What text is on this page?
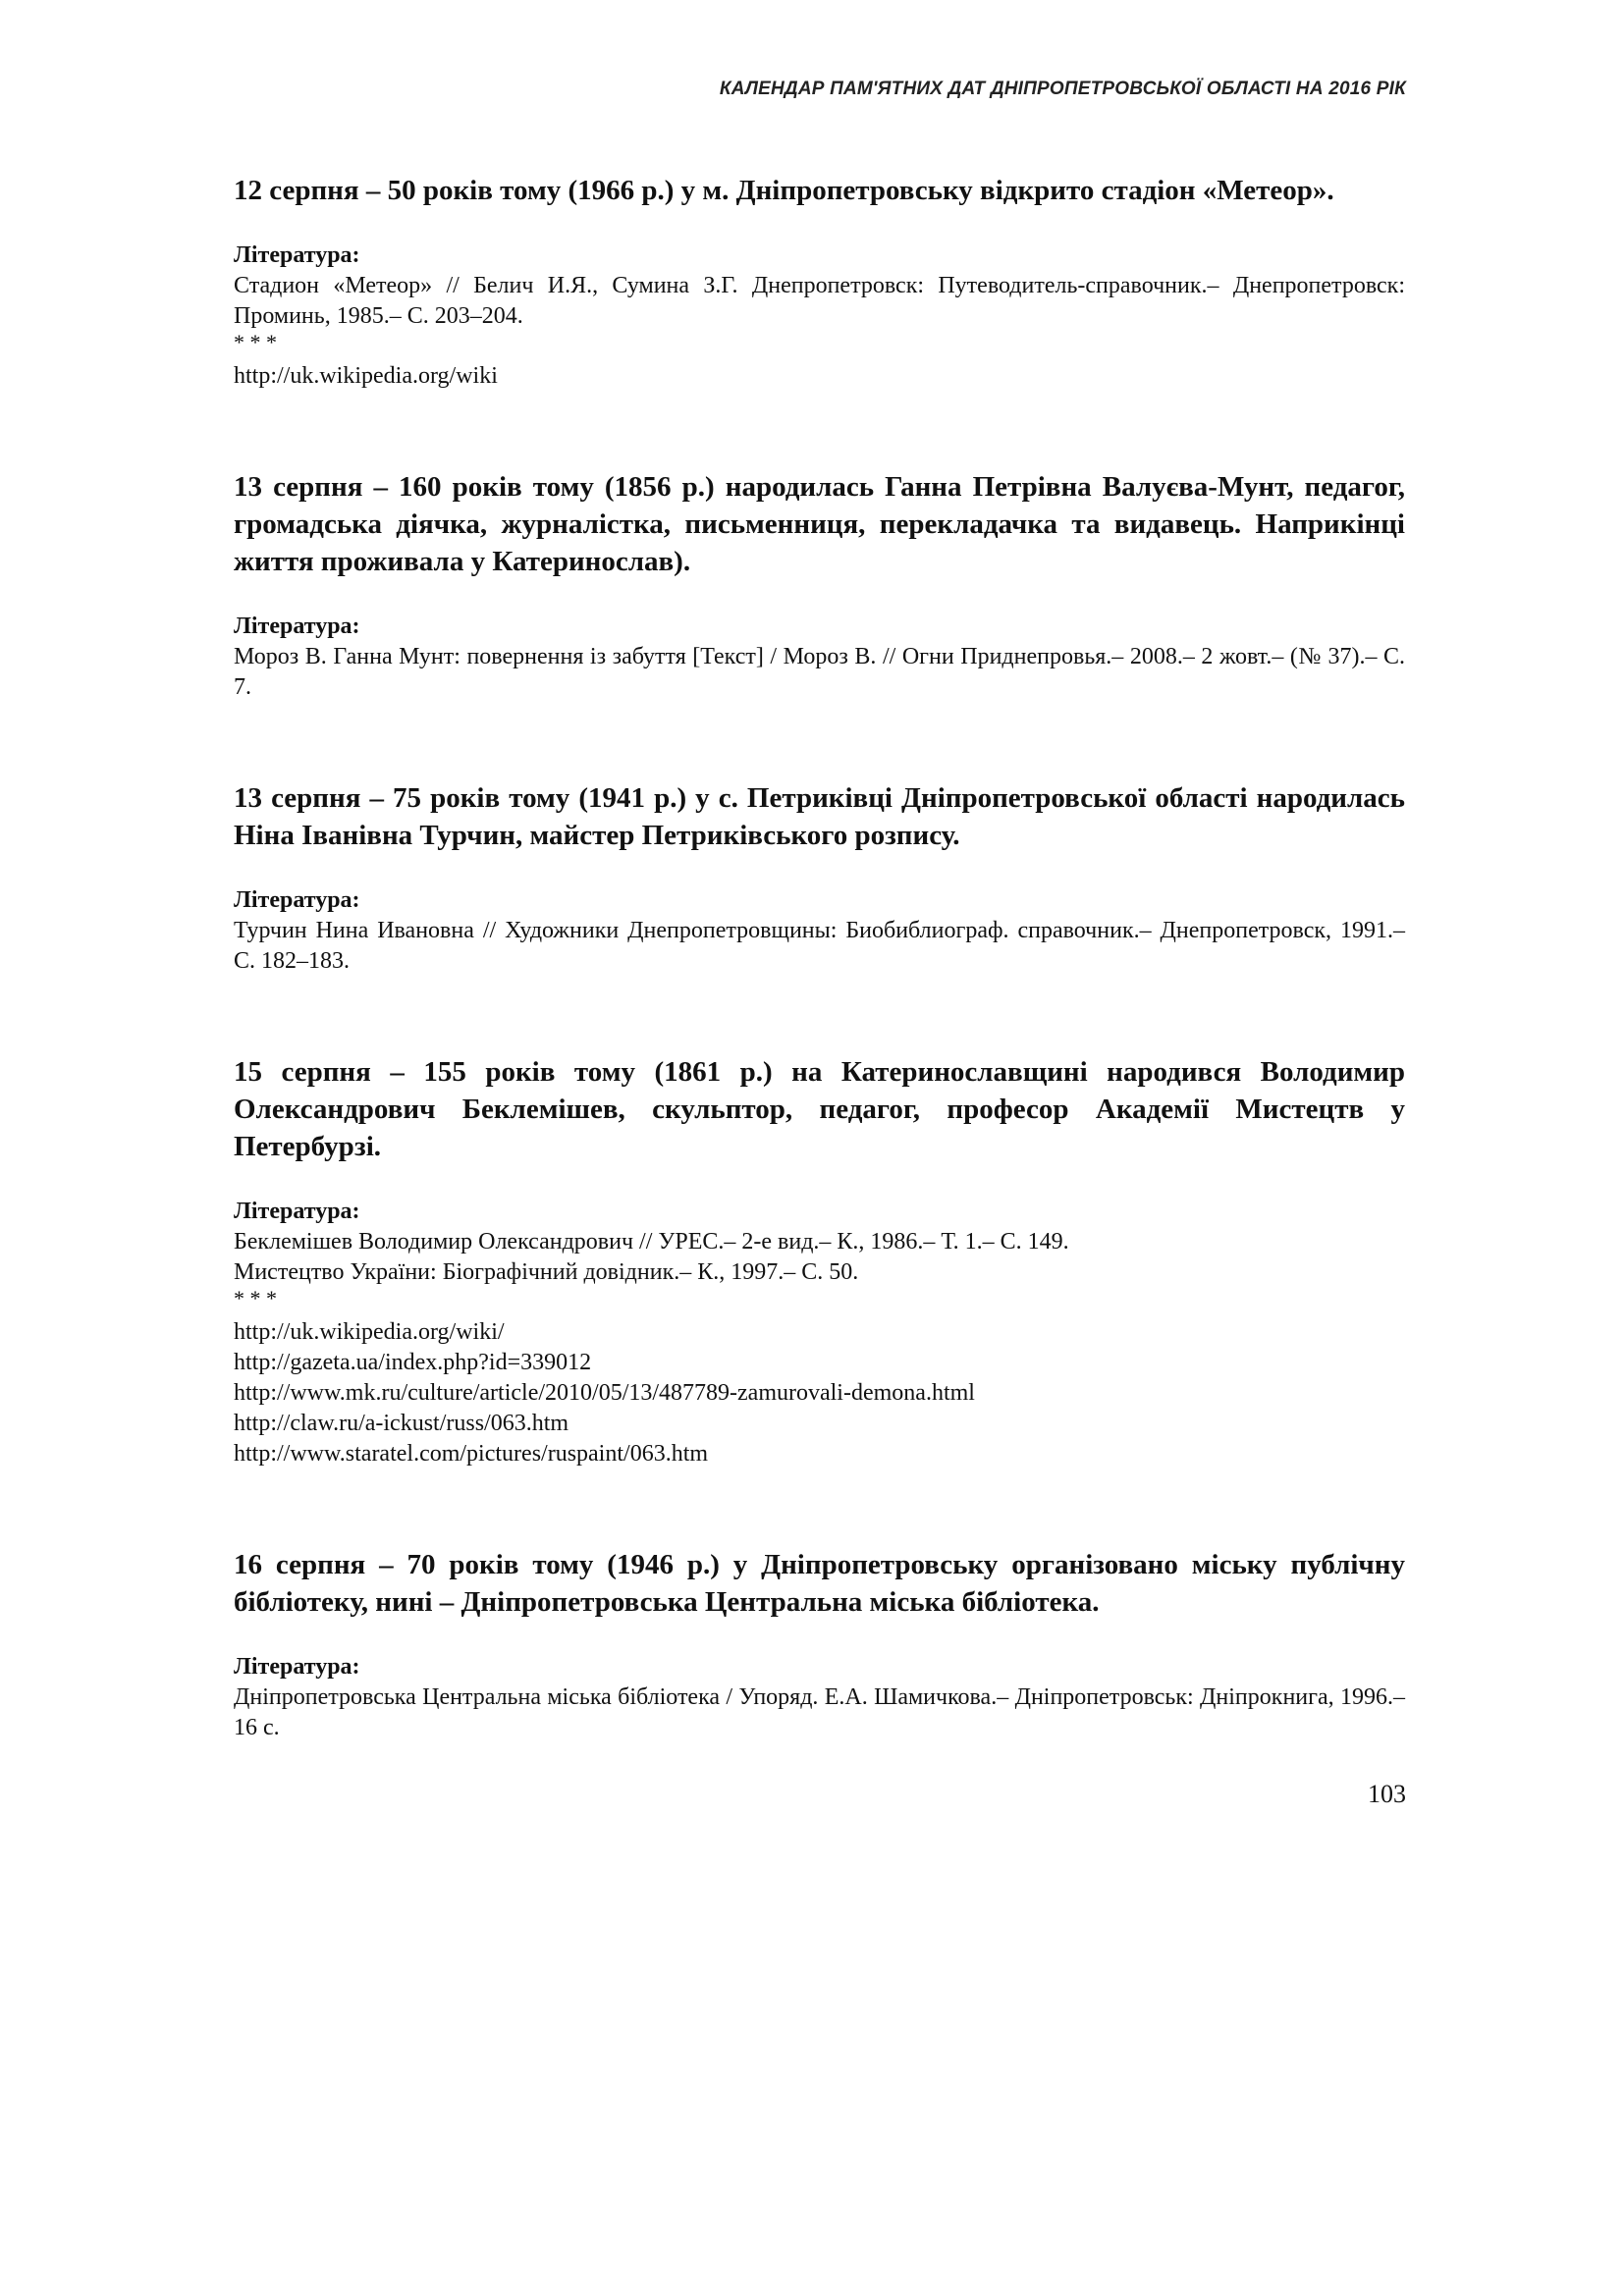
КАЛЕНДАР ПАМ'ЯТНИХ ДАТ ДНІПРОПЕТРОВСЬКОЇ ОБЛАСТІ НА 2016 РІК

12 серпня – 50 років тому (1966 р.) у м. Дніпропетровську відкрито стадіон «Метеор».

Література:

Стадион «Метеор» // Белич И.Я., Сумина З.Г. Днепропетровск: Путеводитель-справочник.– Днепропетровск: Проминь, 1985.– С. 203–204.

* * *

http://uk.wikipedia.org/wiki

13 серпня – 160 років тому (1856 р.) народилась Ганна Петрівна Валуєва-Мунт, педагог, громадська діячка, журналістка, письменниця, перекладачка та видавець. Наприкінці життя проживала у Катеринослав).

Література:

Мороз В. Ганна Мунт: повернення із забуття [Текст] / Мороз В. // Огни Приднепровья.– 2008.– 2 жовт.– (№ 37).– С. 7.

13 серпня – 75 років тому (1941 р.) у с. Петриківці Дніпропетровської області народилась Ніна Іванівна Турчин, майстер Петриківського розпису.

Література:

Турчин Нина Ивановна // Художники Днепропетровщины: Биобиблиограф. справочник.– Днепропетровск, 1991.– С. 182–183.

15 серпня – 155 років тому (1861 р.) на Катеринославщині народився Володимир Олександрович Беклемішев, скульптор, педагог, професор Академії Мистецтв у Петербурзі.

Література:

Беклемішев Володимир Олександрович // УРЕС.– 2-е вид.– К., 1986.– Т. 1.– С. 149.

Мистецтво України: Біографічний довідник.– К., 1997.– С. 50.

* * *

http://uk.wikipedia.org/wiki/

http://gazeta.ua/index.php?id=339012

http://www.mk.ru/culture/article/2010/05/13/487789-zamurovali-demona.html

http://claw.ru/a-ickust/russ/063.htm

http://www.staratel.com/pictures/ruspaint/063.htm

16 серпня – 70 років тому (1946 р.) у Дніпропетровську організовано міську публічну бібліотеку, нині – Дніпропетровська Центральна міська бібліотека.

Література:

Дніпропетровська Центральна міська бібліотека / Упоряд. Е.А. Шамичкова.– Дніпропетровськ: Дніпрокнига, 1996.– 16 с.

103
